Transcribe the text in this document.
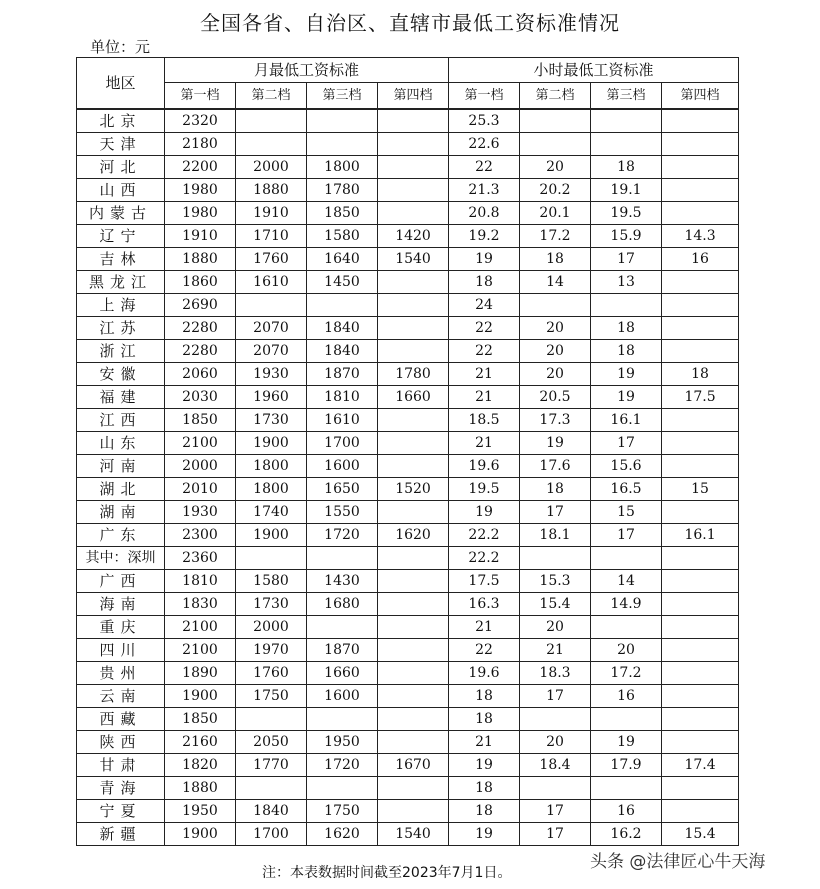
全国各省、自治区、直辖市最低工资标准情况
单位：元
地区	月最低工资标准				小时最低工资标准			
	第一档	第二档	第三档	第四档	第一档	第二档	第三档	第四档
北京	2320				25.3			
天津	2180				22.6			
河北	2200	2000	1800		22	20	18	
山西	1980	1880	1780		21.3	20.2	19.1	
内蒙古	1980	1910	1850		20.8	20.1	19.5	
辽宁	1910	1710	1580	1420	19.2	17.2	15.9	14.3
吉林	1880	1760	1640	1540	19	18	17	16
黑龙江	1860	1610	1450		18	14	13	
上海	2690				24			
江苏	2280	2070	1840		22	20	18	
浙江	2280	2070	1840		22	20	18	
安徽	2060	1930	1870	1780	21	20	19	18
福建	2030	1960	1810	1660	21	20.5	19	17.5
江西	1850	1730	1610		18.5	17.3	16.1	
山东	2100	1900	1700		21	19	17	
河南	2000	1800	1600		19.6	17.6	15.6	
湖北	2010	1800	1650	1520	19.5	18	16.5	15
湖南	1930	1740	1550		19	17	15	
广东	2300	1900	1720	1620	22.2	18.1	17	16.1
其中：深圳	2360				22.2			
广西	1810	1580	1430		17.5	15.3	14	
海南	1830	1730	1680		16.3	15.4	14.9	
重庆	2100	2000			21	20		
四川	2100	1970	1870		22	21	20	
贵州	1890	1760	1660		19.6	18.3	17.2	
云南	1900	1750	1600		18	17	16	
西藏	1850				18			
陕西	2160	2050	1950		21	20	19	
甘肃	1820	1770	1720	1670	19	18.4	17.9	17.4
青海	1880				18			
宁夏	1950	1840	1750		18	17	16	
新疆	1900	1700	1620	1540	19	17	16.2	15.4
注：本表数据时间截至2023年7月1日。
头条 @法律匠心牛天海
